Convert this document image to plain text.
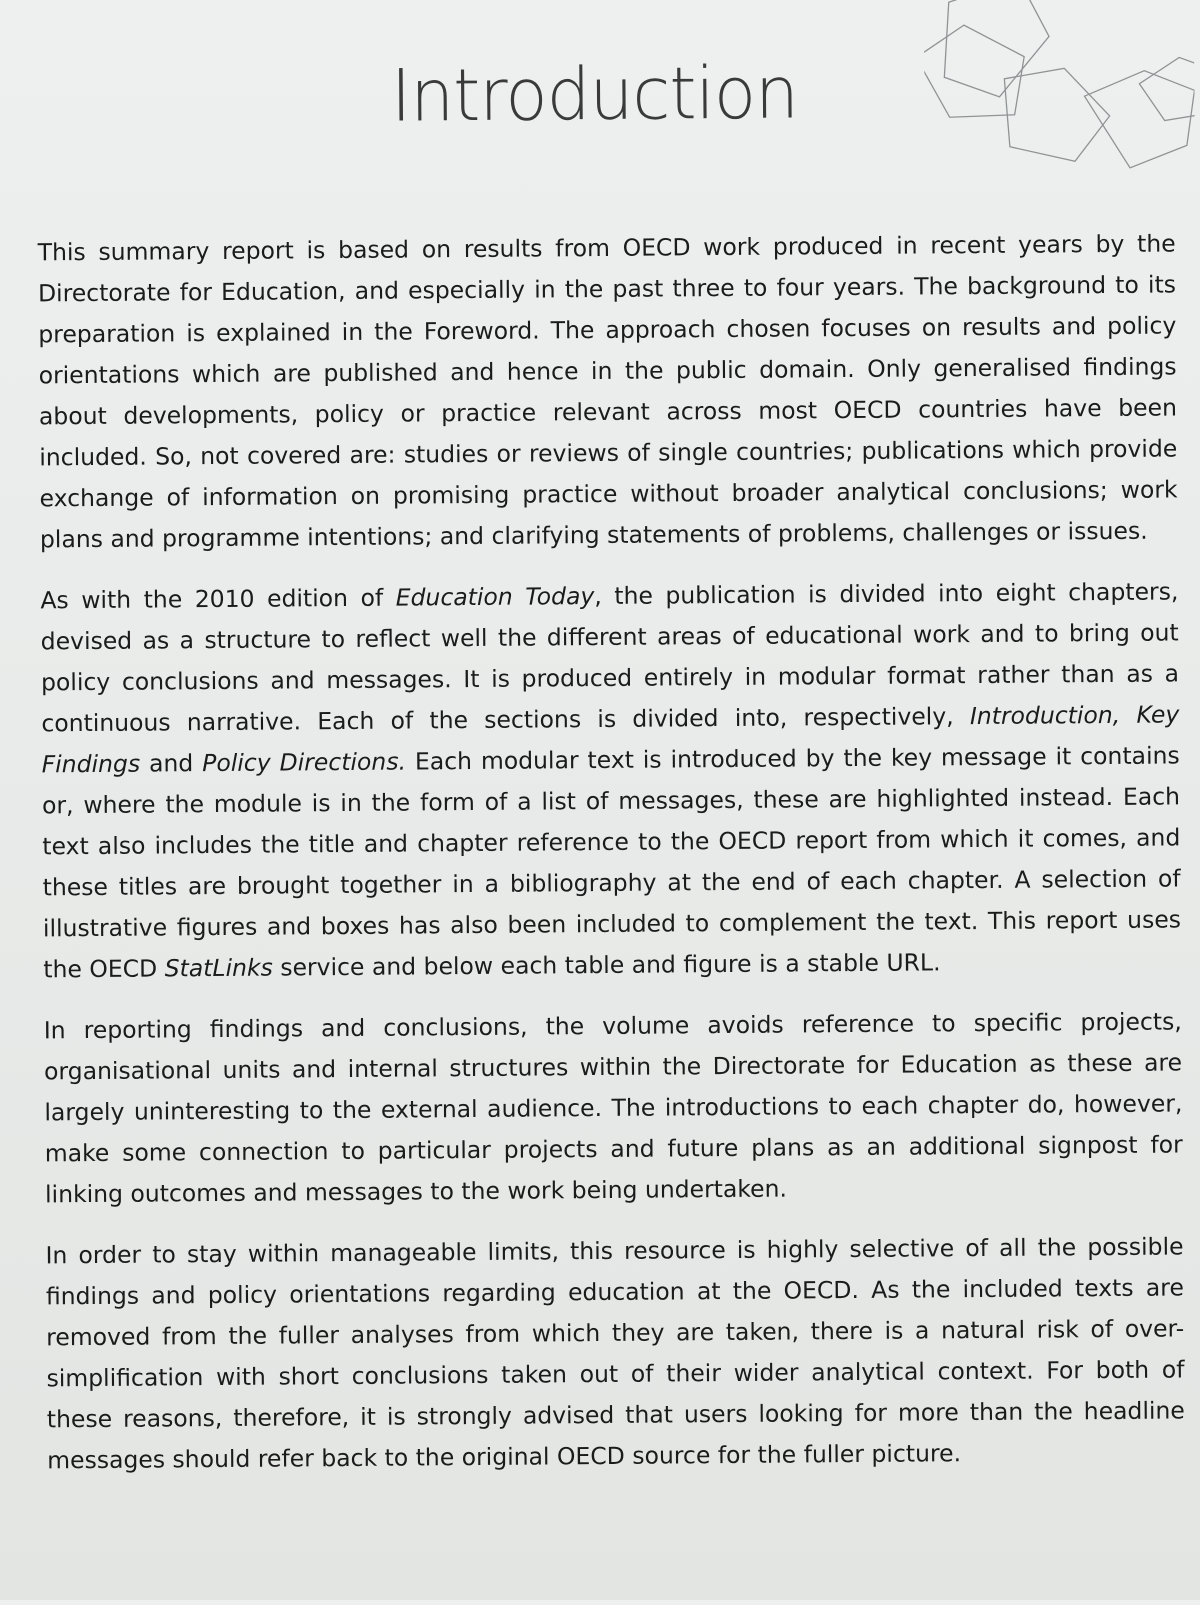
Introduction

This summary report is based on results from OECD work produced in recent years by the Directorate for Education, and especially in the past three to four years. The background to its preparation is explained in the Foreword. The approach chosen focuses on results and policy orientations which are published and hence in the public domain. Only generalised findings about developments, policy or practice relevant across most OECD countries have been included. So, not covered are: studies or reviews of single countries; publications which provide exchange of information on promising practice without broader analytical conclusions; work plans and programme intentions; and clarifying statements of problems, challenges or issues.

As with the 2010 edition of Education Today, the publication is divided into eight chapters, devised as a structure to reflect well the different areas of educational work and to bring out policy conclusions and messages. It is produced entirely in modular format rather than as a continuous narrative. Each of the sections is divided into, respectively, Introduction, Key Findings and Policy Directions. Each modular text is introduced by the key message it contains or, where the module is in the form of a list of messages, these are highlighted instead. Each text also includes the title and chapter reference to the OECD report from which it comes, and these titles are brought together in a bibliography at the end of each chapter. A selection of illustrative figures and boxes has also been included to complement the text. This report uses the OECD StatLinks service and below each table and figure is a stable URL.

In reporting findings and conclusions, the volume avoids reference to specific projects, organisational units and internal structures within the Directorate for Education as these are largely uninteresting to the external audience. The introductions to each chapter do, however, make some connection to particular projects and future plans as an additional signpost for linking outcomes and messages to the work being undertaken.

In order to stay within manageable limits, this resource is highly selective of all the possible findings and policy orientations regarding education at the OECD. As the included texts are removed from the fuller analyses from which they are taken, there is a natural risk of over-simplification with short conclusions taken out of their wider analytical context. For both of these reasons, therefore, it is strongly advised that users looking for more than the headline messages should refer back to the original OECD source for the fuller picture.
